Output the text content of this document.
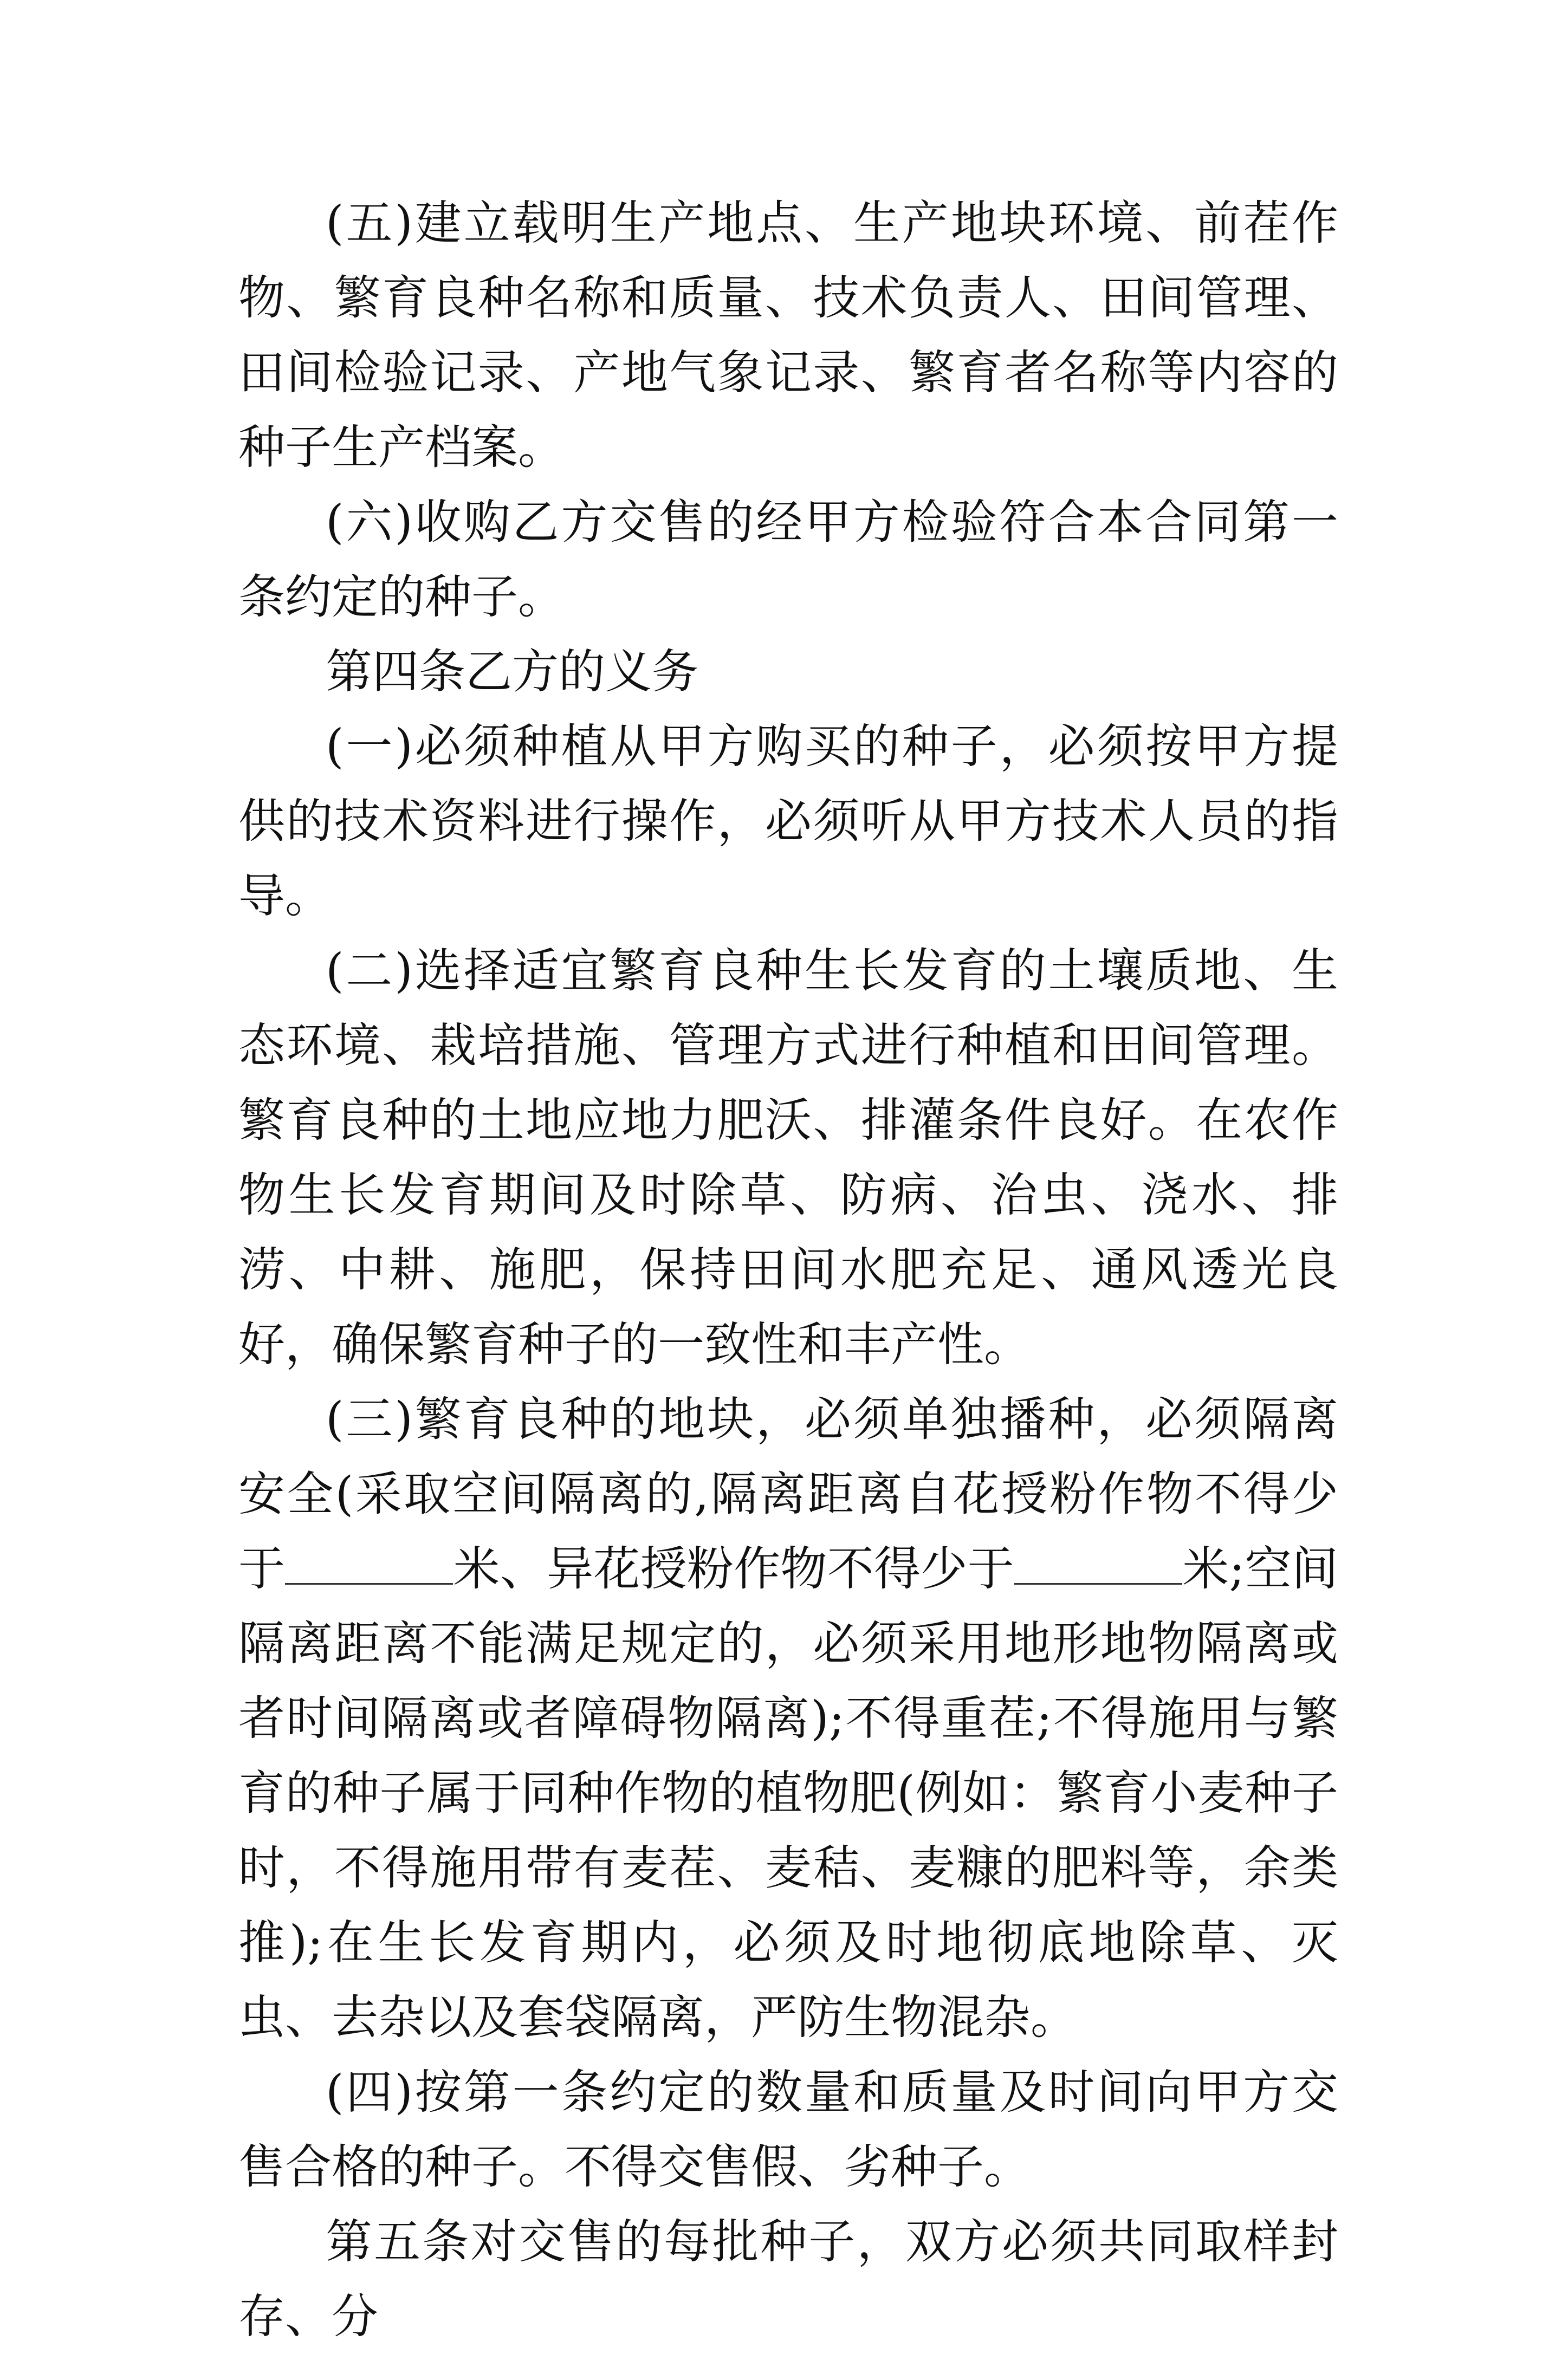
(五)建立载明生产地点、生产地块环境、前茬作物、繁育良种名称和质量、技术负责人、田间管理、田间检验记录、产地气象记录、繁育者名称等内容的种子生产档案。

(六)收购乙方交售的经甲方检验符合本合同第一条约定的种子。

第四条乙方的义务

(一)必须种植从甲方购买的种子，必须按甲方提供的技术资料进行操作，必须听从甲方技术人员的指导。

(二)选择适宜繁育良种生长发育的土壤质地、生态环境、栽培措施、管理方式进行种植和田间管理。繁育良种的土地应地力肥沃、排灌条件良好。在农作物生长发育期间及时除草、防病、治虫、浇水、排涝、中耕、施肥，保持田间水肥充足、通风透光良好，确保繁育种子的一致性和丰产性。

(三)繁育良种的地块，必须单独播种，必须隔离安全(采取空间隔离的,隔离距离自花授粉作物不得少于	米、异花授粉作物不得少于	米;空间隔离距离不能满足规定的，必须采用地形地物隔离或者时间隔离或者障碍物隔离);不得重茬;不得施用与繁育的种子属于同种作物的植物肥(例如：繁育小麦种子时，不得施用带有麦茬、麦秸、麦糠的肥料等，余类推);在生长发育期内，必须及时地彻底地除草、灭虫、去杂以及套袋隔离，严防生物混杂。

(四)按第一条约定的数量和质量及时间向甲方交售合格的种子。不得交售假、劣种子。

第五条对交售的每批种子，双方必须共同取样封存、分
